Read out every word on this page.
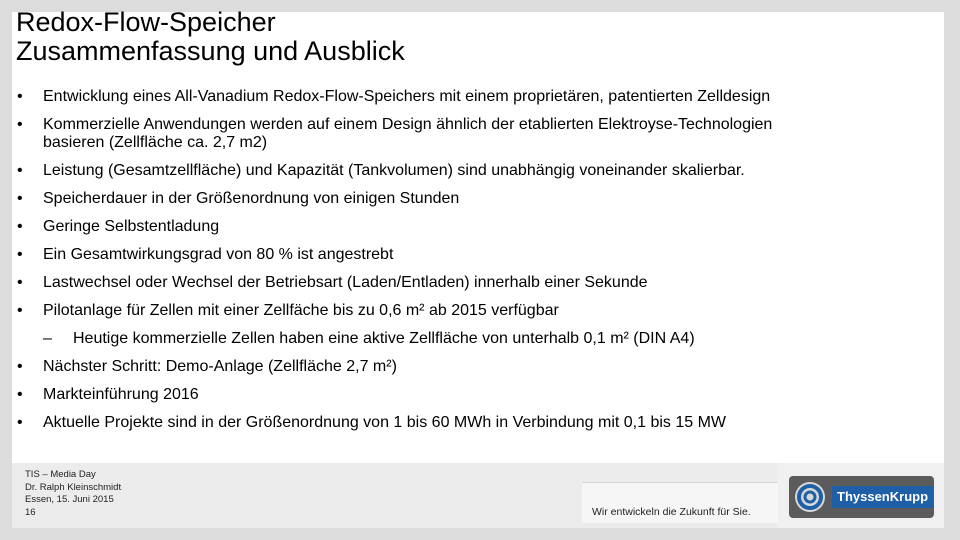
Redox-Flow-Speicher
Zusammenfassung und Ausblick
• Entwicklung eines All-Vanadium Redox-Flow-Speichers mit einem proprietären, patentierten Zelldesign
• Kommerzielle Anwendungen werden auf einem Design ähnlich der etablierten Elektroyse-Technologien
basieren (Zellfläche ca. 2,7 m2)
• Leistung (Gesamtzellfläche) und Kapazität (Tankvolumen) sind unabhängig voneinander skalierbar.
• Speicherdauer in der Größenordnung von einigen Stunden
• Geringe Selbstentladung
• Ein Gesamtwirkungsgrad von 80 % ist angestrebt
• Lastwechsel oder Wechsel der Betriebsart (Laden/Entladen) innerhalb einer Sekunde
• Pilotanlage für Zellen mit einer Zellfäche bis zu 0,6 m² ab 2015 verfügbar
– Heutige kommerzielle Zellen haben eine aktive Zellfläche von unterhalb 0,1 m² (DIN A4)
• Nächster Schritt: Demo-Anlage (Zellfläche 2,7 m²)
• Markteinführung 2016
• Aktuelle Projekte sind in der Größenordnung von 1 bis 60 MWh in Verbindung mit 0,1 bis 15 MW
TIS – Media Day
Dr. Ralph Kleinschmidt
Essen, 15. Juni 2015
16	Wir entwickeln die Zukunft für Sie.
ThyssenKrupp
